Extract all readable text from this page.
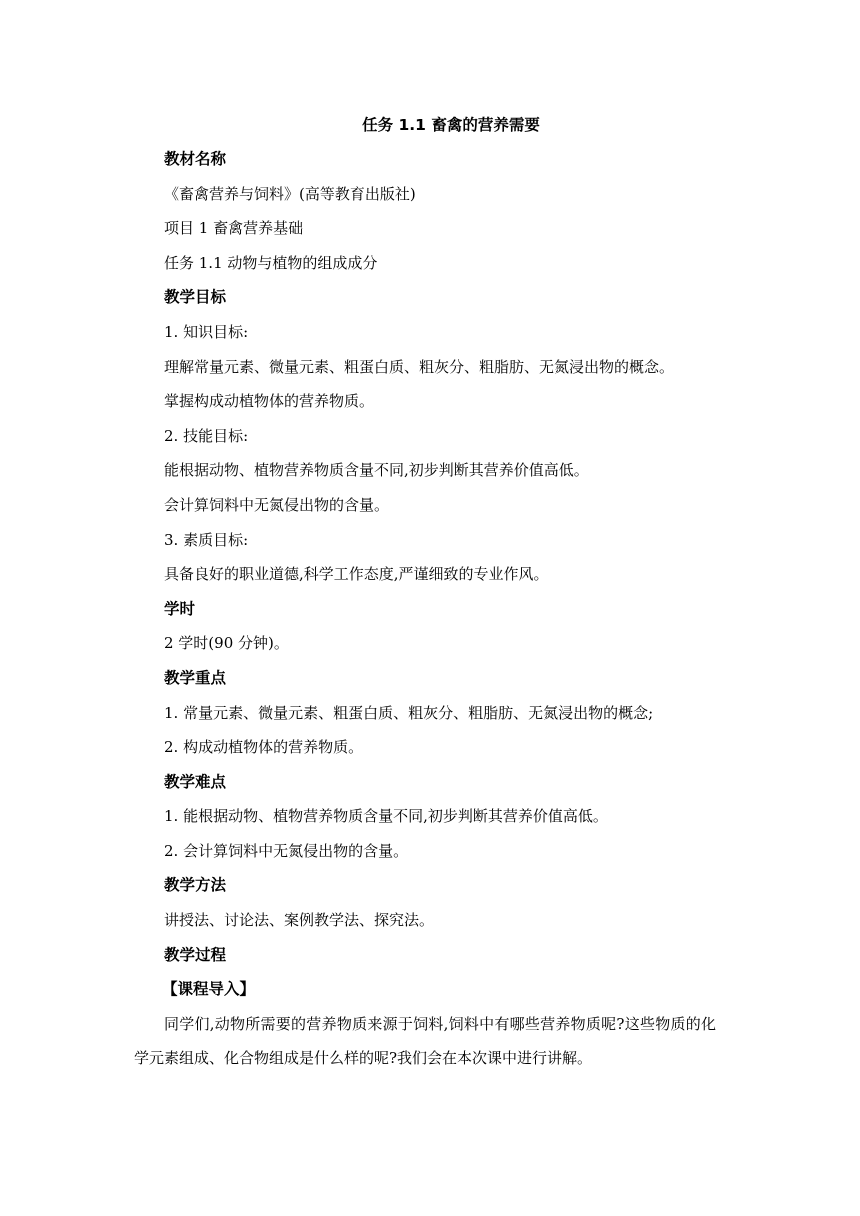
任务 1.1 畜禽的营养需要
教材名称
《畜禽营养与饲料》(高等教育出版社)
项目 1 畜禽营养基础
任务 1.1 动物与植物的组成成分
教学目标
1. 知识目标:
理解常量元素、微量元素、粗蛋白质、粗灰分、粗脂肪、无氮浸出物的概念。
掌握构成动植物体的营养物质。
2. 技能目标:
能根据动物、植物营养物质含量不同,初步判断其营养价值高低。
会计算饲料中无氮侵出物的含量。
3. 素质目标:
具备良好的职业道德,科学工作态度,严谨细致的专业作风。
学时
2 学时(90 分钟)。
教学重点
1. 常量元素、微量元素、粗蛋白质、粗灰分、粗脂肪、无氮浸出物的概念;
2. 构成动植物体的营养物质。
教学难点
1. 能根据动物、植物营养物质含量不同,初步判断其营养价值高低。
2. 会计算饲料中无氮侵出物的含量。
教学方法
讲授法、讨论法、案例教学法、探究法。
教学过程
【课程导入】
同学们,动物所需要的营养物质来源于饲料,饲料中有哪些营养物质呢?这些物质的化学元素组成、化合物组成是什么样的呢?我们会在本次课中进行讲解。
